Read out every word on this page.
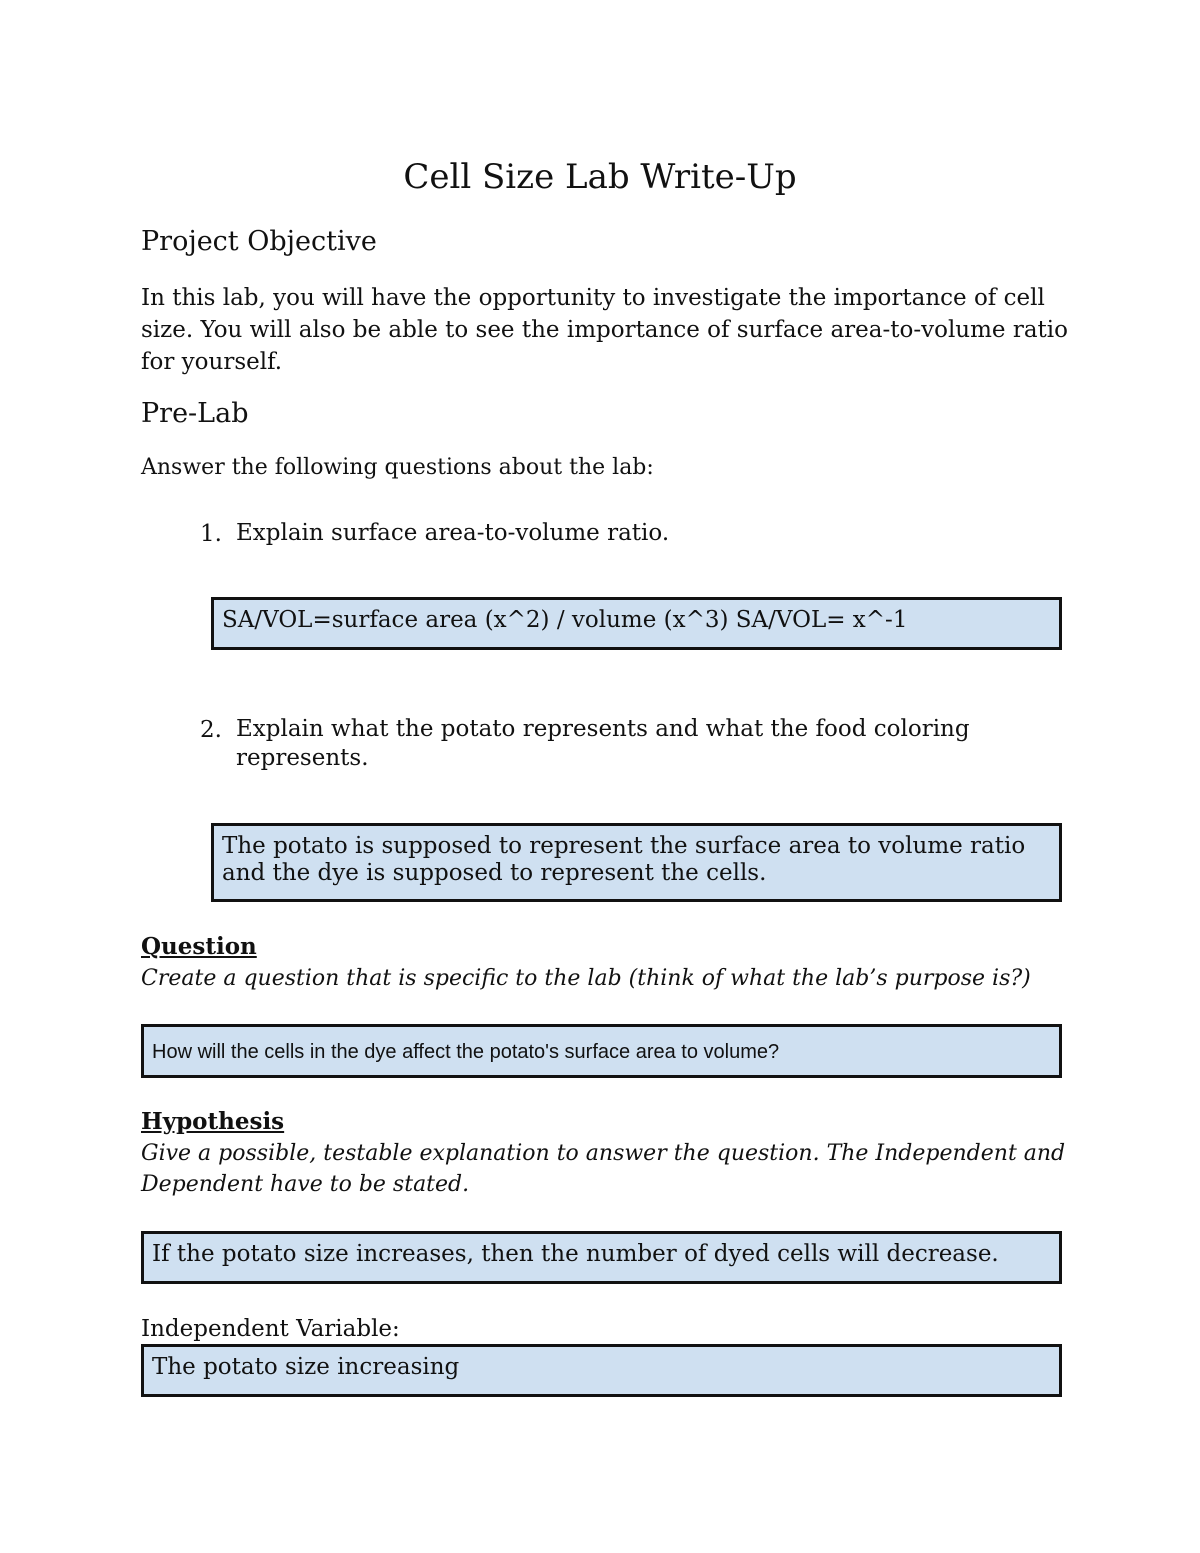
Cell Size Lab Write-Up
Project Objective
In this lab, you will have the opportunity to investigate the importance of cell size. You will also be able to see the importance of surface area-to-volume ratio for yourself.
Pre-Lab
Answer the following questions about the lab:
1. Explain surface area-to-volume ratio.
SA/VOL=surface area (x^2) / volume (x^3) SA/VOL= x^-1
2. Explain what the potato represents and what the food coloring represents.
The potato is supposed to represent the surface area to volume ratio and the dye is supposed to represent the cells.
Question
Create a question that is specific to the lab (think of what the lab’s purpose is?)
How will the cells in the dye affect the potato's surface area to volume?
Hypothesis
Give a possible, testable explanation to answer the question. The Independent and Dependent have to be stated.
If the potato size increases, then the number of dyed cells will decrease.
Independent Variable:
The potato size increasing
